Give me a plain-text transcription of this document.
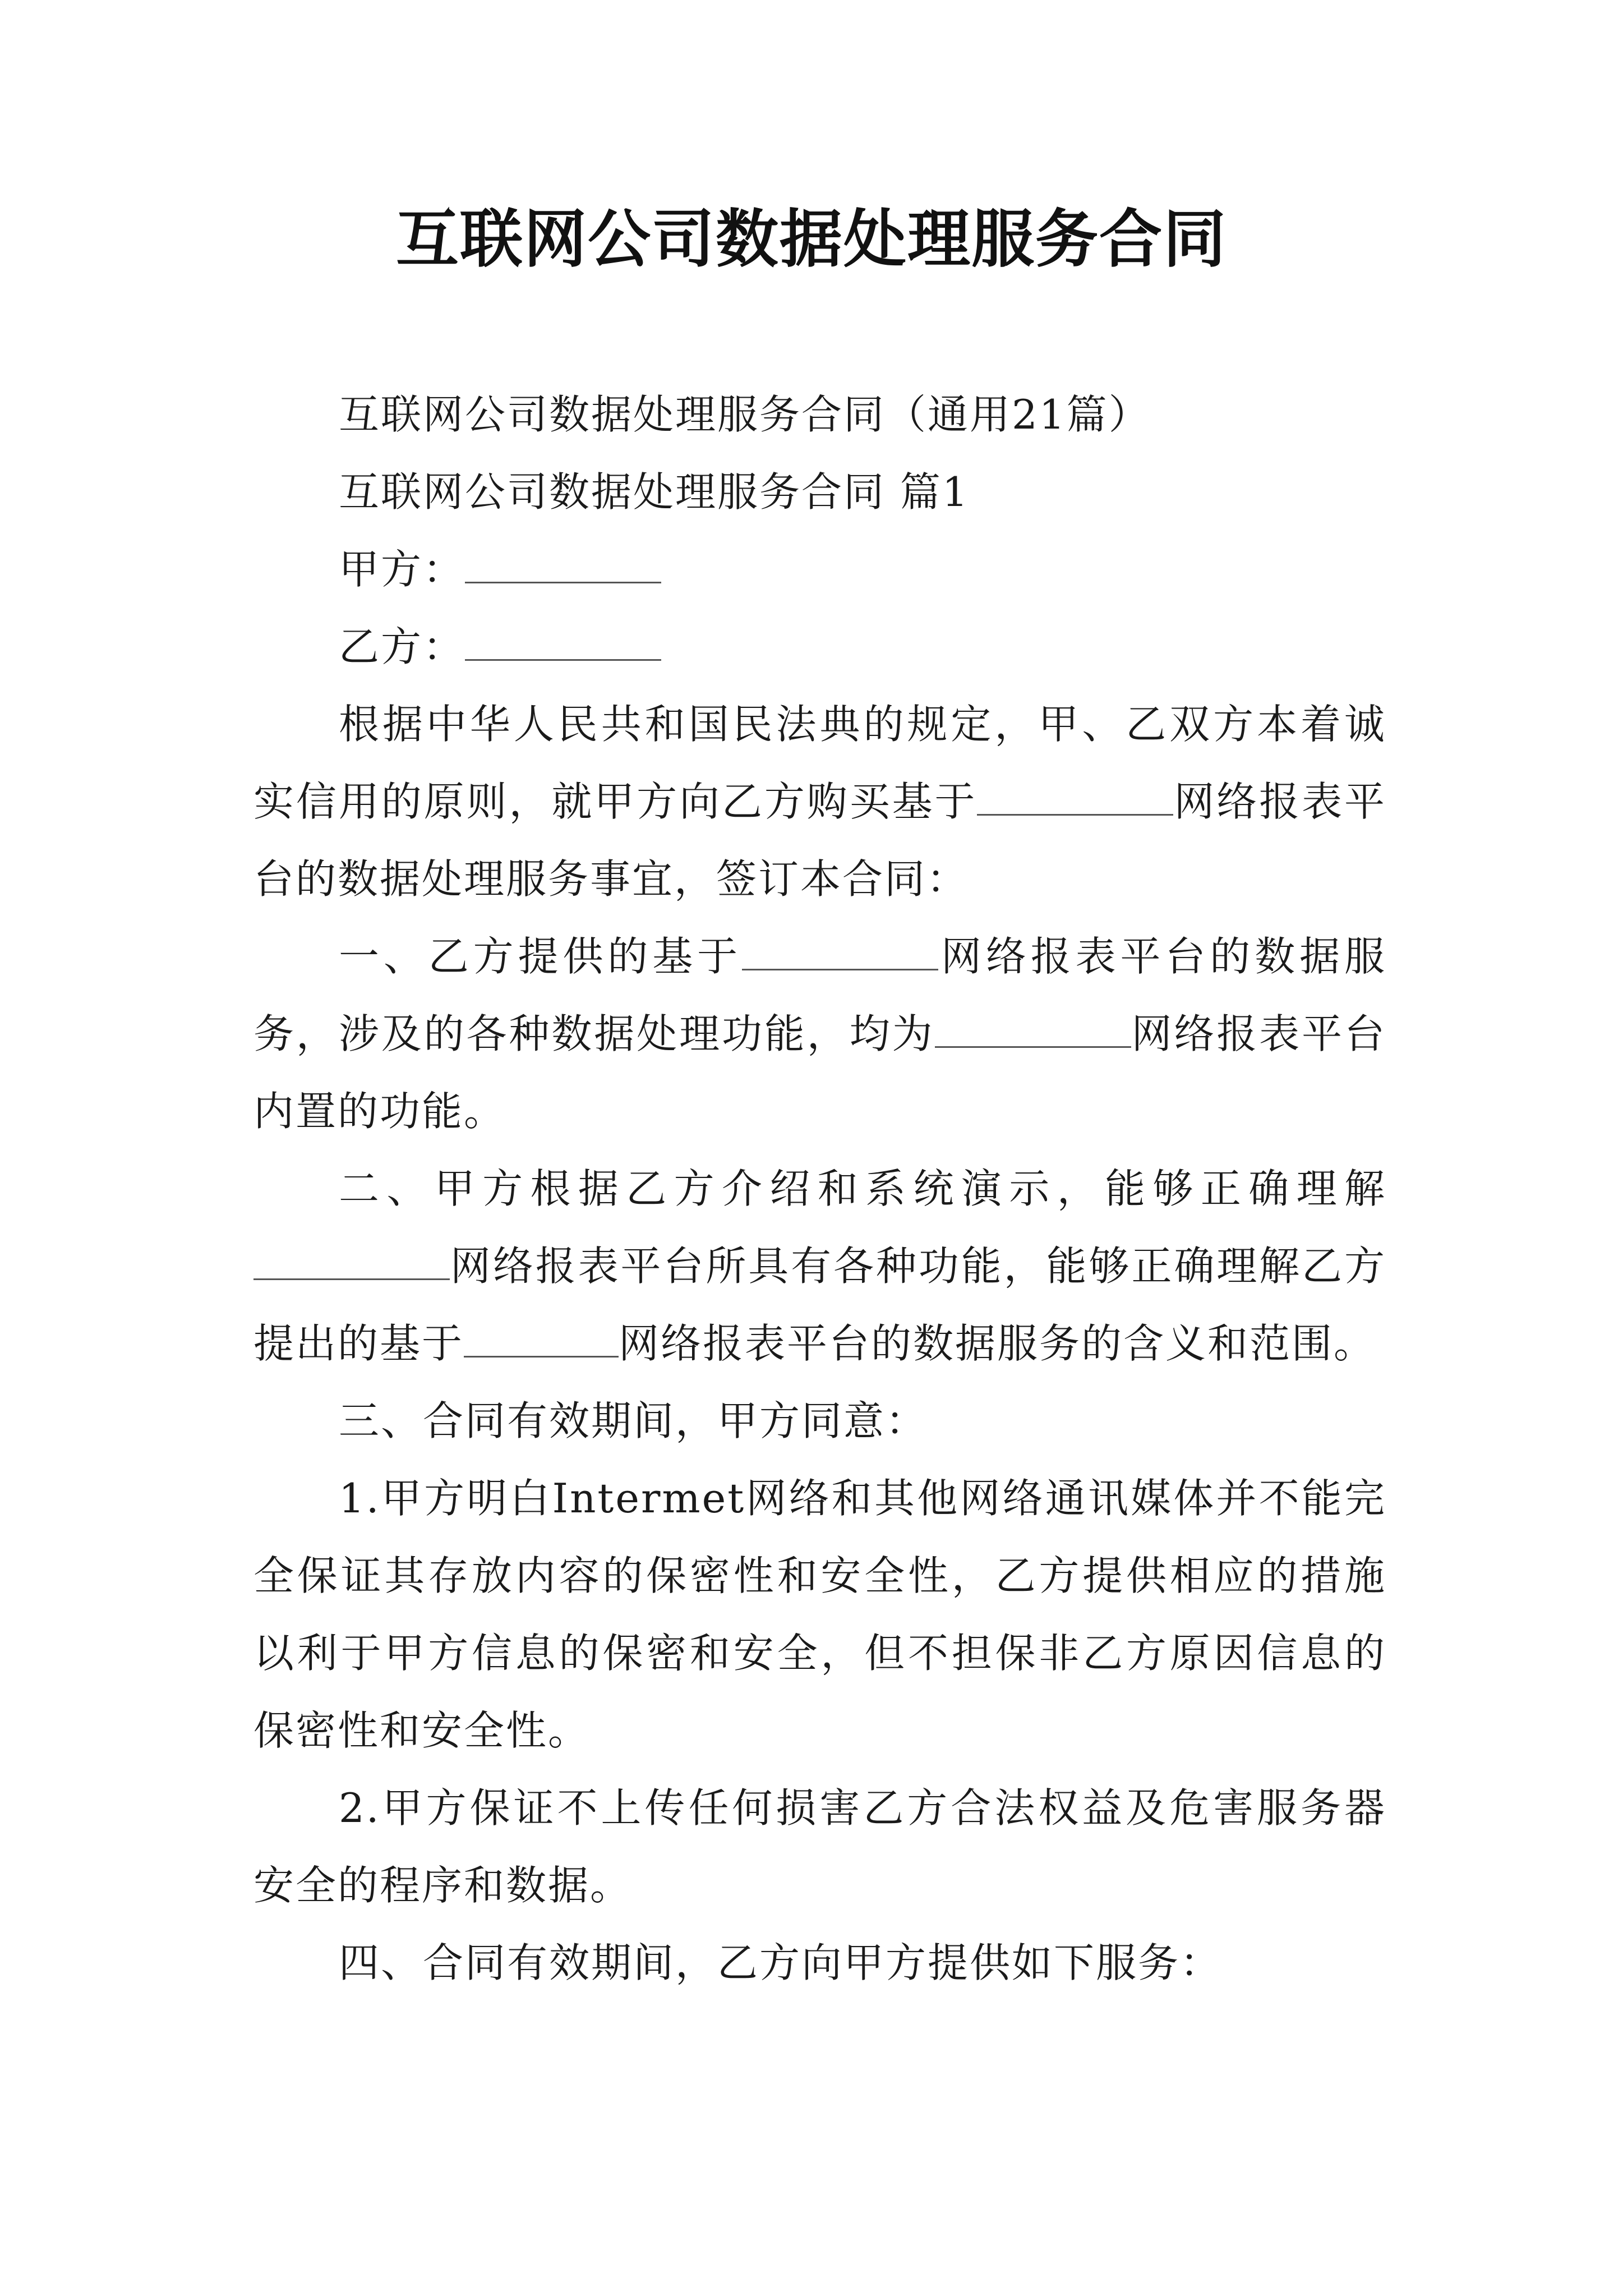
互联网公司数据处理服务合同

互联网公司数据处理服务合同（通用21篇）

互联网公司数据处理服务合同 篇1

甲方：

乙方：

根据中华人民共和国民法典的规定，甲、乙双方本着诚实信用的原则，就甲方向乙方购买基于	网络报表平台的数据处理服务事宜，签订本合同：

一、乙方提供的基于	网络报表平台的数据服务，涉及的各种数据处理功能，均为	网络报表平台内置的功能。

二、甲方根据乙方介绍和系统演示，能够正确理解网络报表平台所具有各种功能，能够正确理解乙方提出的基于	网络报表平台的数据服务的含义和范围。

三、合同有效期间，甲方同意：

1.甲方明白Intermet网络和其他网络通讯媒体并不能完全保证其存放内容的保密性和安全性，乙方提供相应的措施以利于甲方信息的保密和安全，但不担保非乙方原因信息的保密性和安全性。

2.甲方保证不上传任何损害乙方合法权益及危害服务器安全的程序和数据。

四、合同有效期间，乙方向甲方提供如下服务：
